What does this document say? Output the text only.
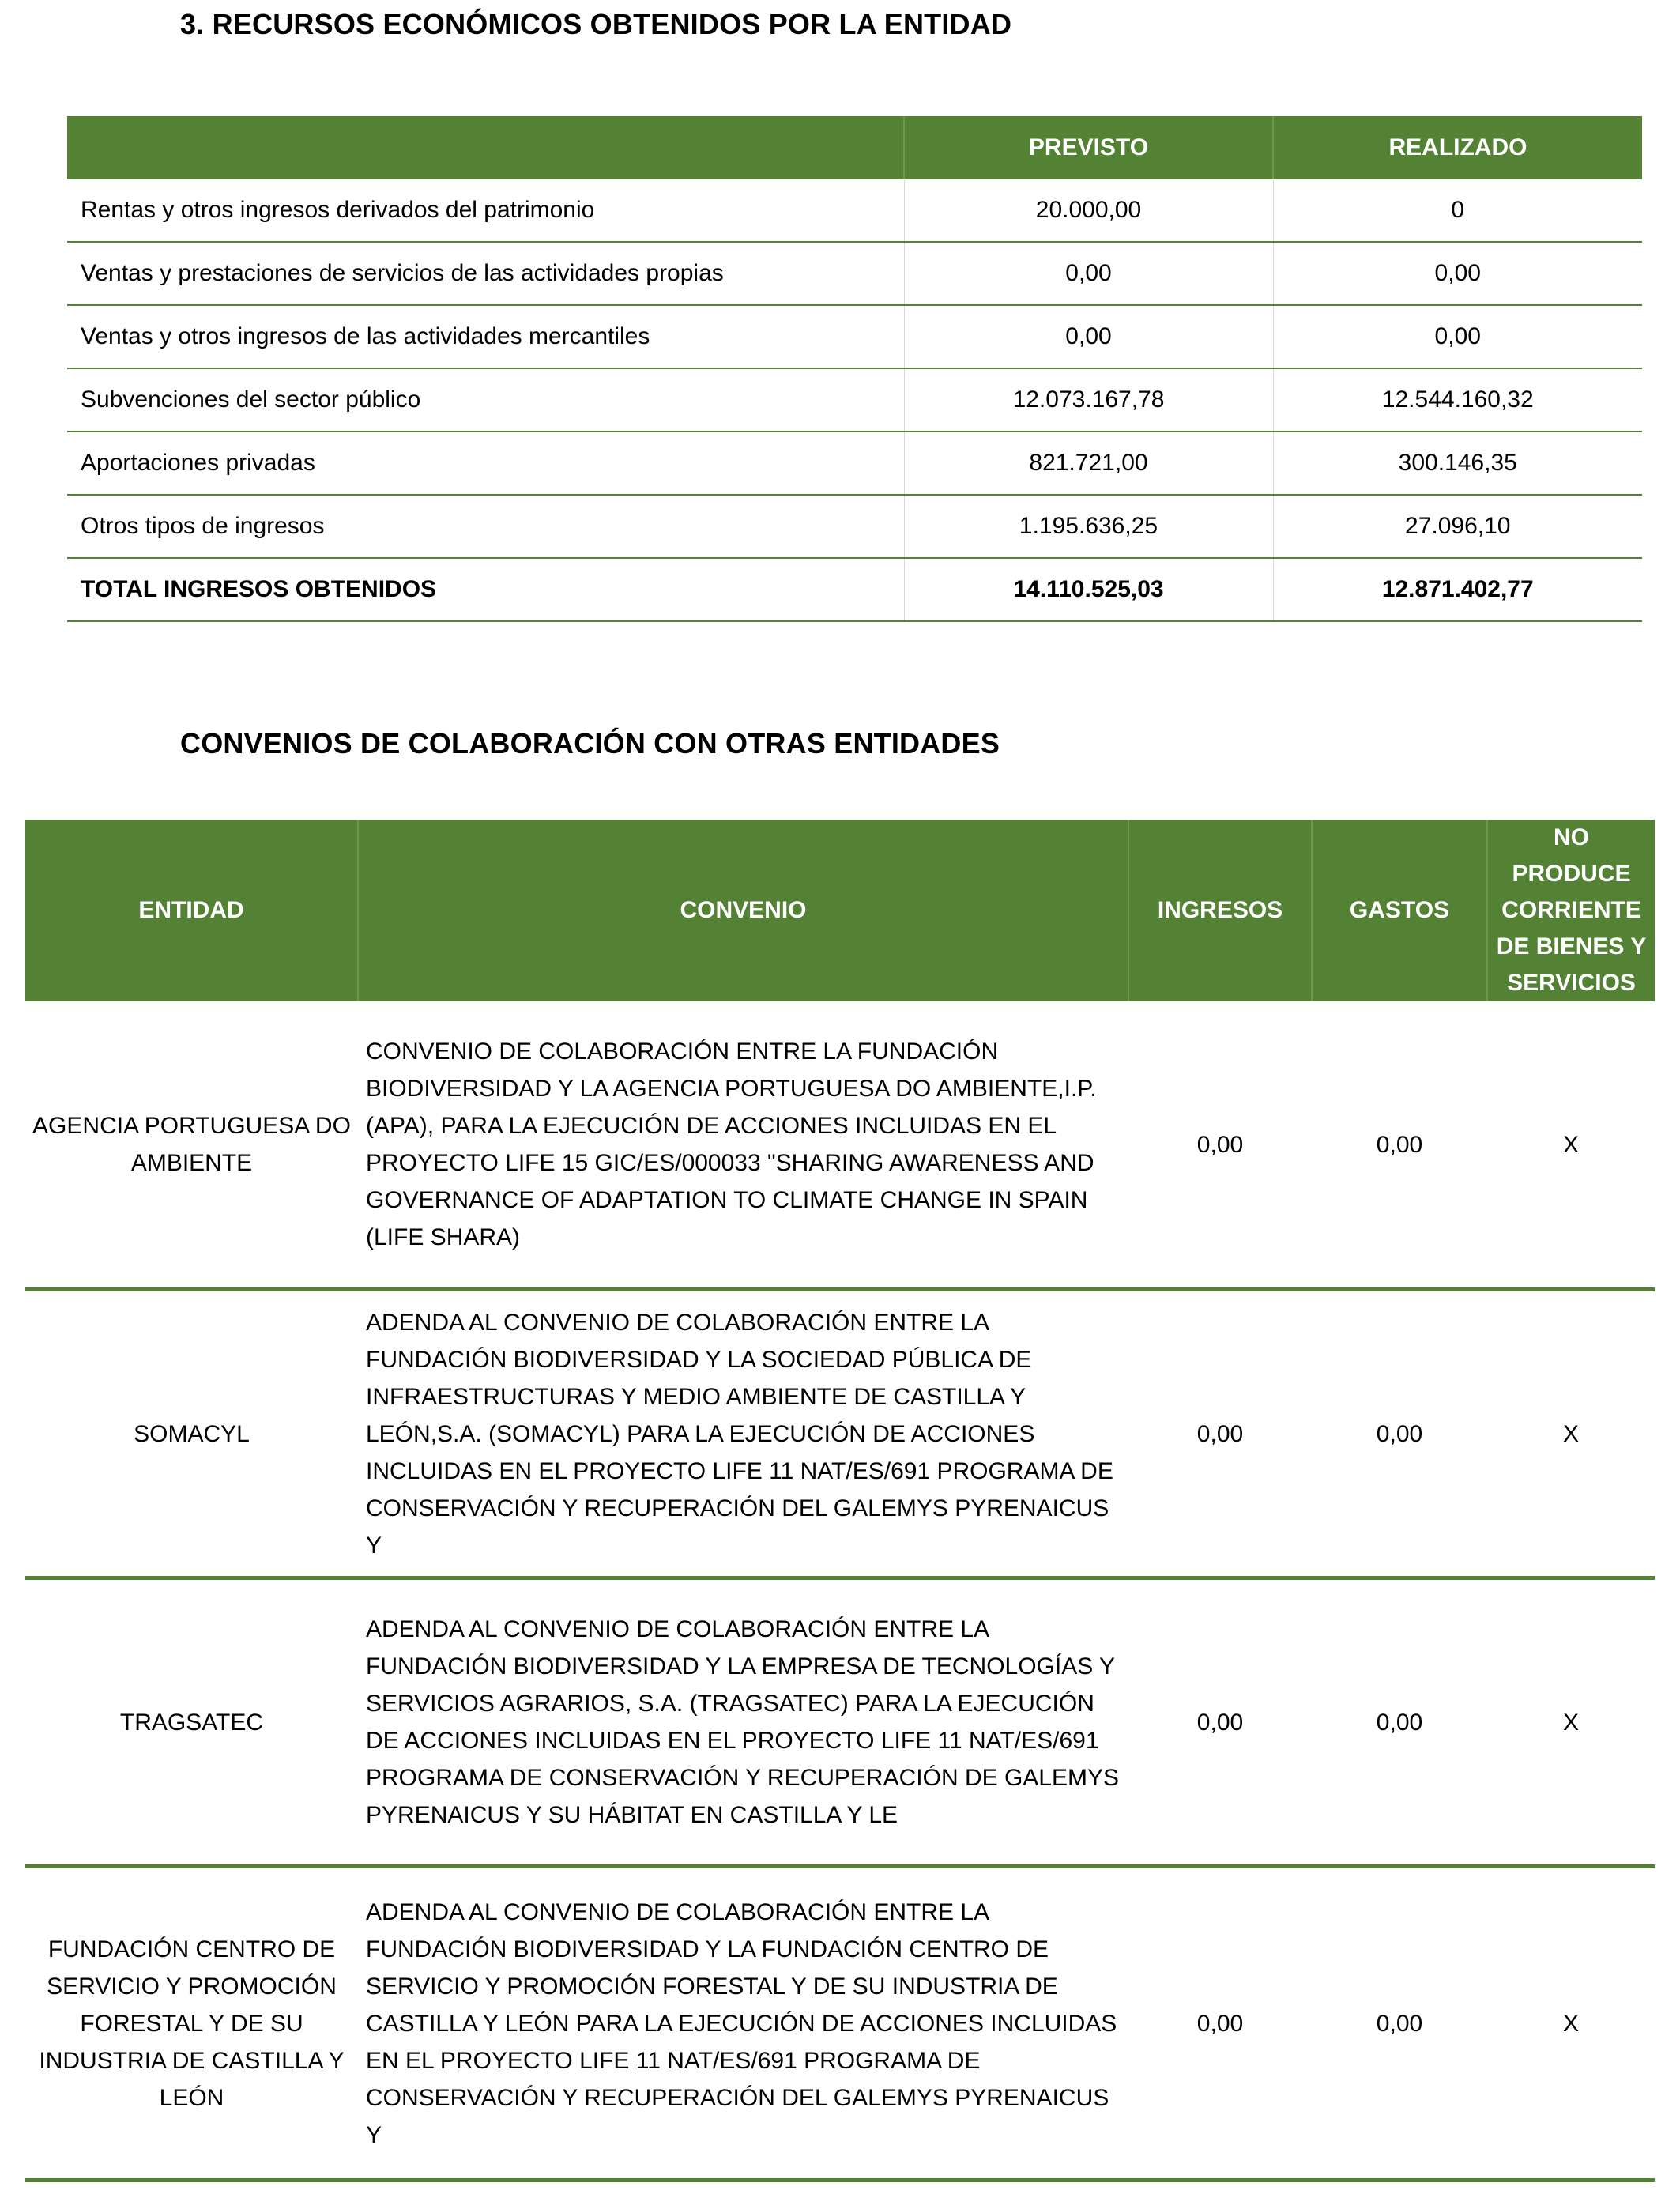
3. RECURSOS ECONÓMICOS OBTENIDOS POR LA ENTIDAD
	PREVISTO	REALIZADO
Rentas y otros ingresos derivados del patrimonio	20.000,00	0
Ventas y prestaciones de servicios de las actividades propias	0,00	0,00
Ventas y otros ingresos de las actividades mercantiles	0,00	0,00
Subvenciones del sector público	12.073.167,78	12.544.160,32
Aportaciones privadas	821.721,00	300.146,35
Otros tipos de ingresos	1.195.636,25	27.096,10
TOTAL INGRESOS OBTENIDOS	14.110.525,03	12.871.402,77
CONVENIOS DE COLABORACIÓN CON OTRAS ENTIDADES
ENTIDAD	CONVENIO	INGRESOS	GASTOS	NO PRODUCE CORRIENTE DE BIENES Y SERVICIOS
AGENCIA PORTUGUESA DO AMBIENTE	CONVENIO DE COLABORACIÓN ENTRE LA FUNDACIÓN BIODIVERSIDAD Y LA AGENCIA PORTUGUESA DO AMBIENTE,I.P. (APA), PARA LA EJECUCIÓN DE ACCIONES INCLUIDAS EN EL PROYECTO LIFE 15 GIC/ES/000033 "SHARING AWARENESS AND GOVERNANCE OF ADAPTATION TO CLIMATE CHANGE IN SPAIN (LIFE SHARA)	0,00	0,00	X
SOMACYL	ADENDA AL CONVENIO DE COLABORACIÓN ENTRE LA FUNDACIÓN BIODIVERSIDAD Y LA SOCIEDAD PÚBLICA DE INFRAESTRUCTURAS Y MEDIO AMBIENTE DE CASTILLA Y LEÓN,S.A. (SOMACYL) PARA LA EJECUCIÓN DE ACCIONES INCLUIDAS EN EL PROYECTO LIFE 11 NAT/ES/691 PROGRAMA DE CONSERVACIÓN Y RECUPERACIÓN DEL GALEMYS PYRENAICUS Y	0,00	0,00	X
TRAGSATEC	ADENDA AL CONVENIO DE COLABORACIÓN ENTRE LA FUNDACIÓN BIODIVERSIDAD Y LA EMPRESA DE TECNOLOGÍAS Y SERVICIOS AGRARIOS, S.A. (TRAGSATEC) PARA LA EJECUCIÓN DE ACCIONES INCLUIDAS EN EL PROYECTO LIFE 11 NAT/ES/691 PROGRAMA DE CONSERVACIÓN Y RECUPERACIÓN DE GALEMYS PYRENAICUS Y SU HÁBITAT EN CASTILLA Y LE	0,00	0,00	X
FUNDACIÓN CENTRO DE SERVICIO Y PROMOCIÓN FORESTAL Y DE SU INDUSTRIA DE CASTILLA Y LEÓN	ADENDA AL CONVENIO DE COLABORACIÓN ENTRE LA FUNDACIÓN BIODIVERSIDAD Y LA FUNDACIÓN CENTRO DE SERVICIO Y PROMOCIÓN FORESTAL Y DE SU INDUSTRIA DE CASTILLA Y LEÓN PARA LA EJECUCIÓN DE ACCIONES INCLUIDAS EN EL PROYECTO LIFE 11 NAT/ES/691 PROGRAMA DE CONSERVACIÓN Y RECUPERACIÓN DEL GALEMYS PYRENAICUS Y	0,00	0,00	X
